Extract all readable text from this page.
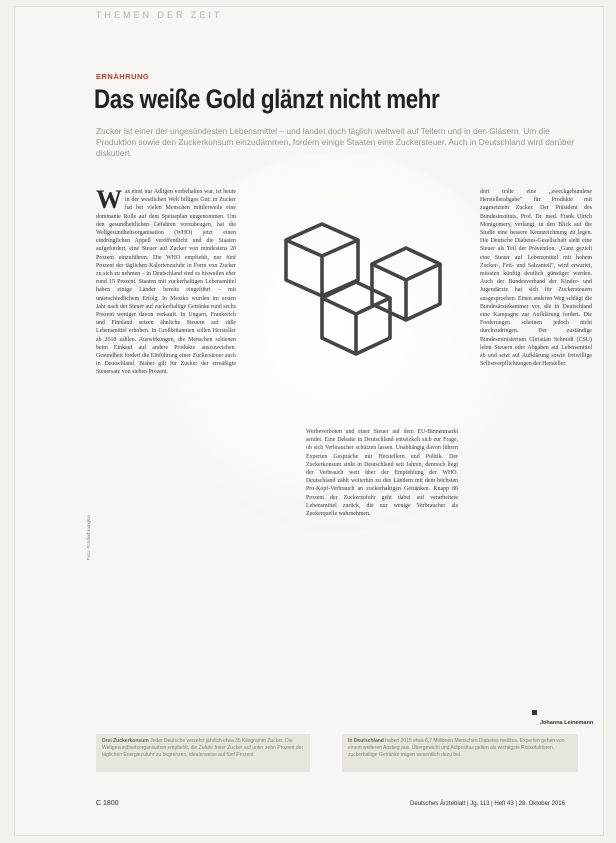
THEMEN DER ZEIT
ERNÄHRUNG
Das weiße Gold glänzt nicht mehr
Zucker ist einer der ungesündesten Lebensmittel – und landet doch täglich weltweit auf Tellern und in den Gläsern. Um die Produktion sowie den Zuckerkonsum einzudämmen, fordern einige Staaten eine Zuckersteuer. Auch in Deutschland wird darüber diskutiert.
Foto: Fotolia/bramgino
Was einst nur Adligen vorbehalten war, ist heute in der westlichen Welt billiges Gut: in Zucker hat bei vielen Menschen mittlerweile eine dominante Rolle auf dem Speiseplan eingenommen. Um den gesundheitlichen Gefahren vorzubeugen, hat die Weltgesundheitsorganisation (WHO) jetzt einen eindringlichen Appell veröffentlicht und die Staaten aufgefordert, eine Steuer auf Zucker von mindestens 20 Prozent einzuführen. Die WHO empfiehlt, nur fünf Prozent der täglichen Kalorienzufuhr in Form von Zucker zu sich zu nehmen – in Deutschland sind es bisweilen eher rund 15 Prozent. Staaten mit zuckerhaltigen Lebensmittel haben einige Länder bereits eingeführt – mit unterschiedlichem Erfolg. In Mexiko wurden im ersten Jahr nach der Steuer auf zuckerhaltige Getränke rund sechs Prozent weniger davon verkauft. In Ungarn, Frankreich und Finnland setzen ähnliche Steuern auf süße Lebensmittel erhoben. In Großbritannien sollen Hersteller ab 2018 zahlen. Auswirkungen, die Menschen schienen beim Einkauf auf andere Produkte auszuweichen. Gesundheit fordert die Einführung einer Zuckersteuer auch in Deutschland. Bisher gilt für Zucker der ermäßigte Steuersatz von sieben Prozent.
Werbeverboten und einer Steuer auf dem EU-Binnenmarkt sendet. Eine Debatte in Deutschland entwickelt sich zur Frage, ob sich Verbraucher schützen lassen. Unabhängig davon führen Experten Gespräche mit Herstellern und Politik. Der Zuckerkonsum sinkt in Deutschland seit Jahren, dennoch liegt der Verbrauch weit über der Empfehlung der WHO. Deutschland zählt weiterhin zu den Ländern mit dem höchsten Pro-Kopf-Verbrauch an zuckerhaltigen Getränken. Knapp 80 Prozent der Zuckerzufuhr geht dabei auf verarbeitete Lebensmittel zurück, die nur wenige Verbraucher als Zuckerquelle wahrnehmen.
dort teilte eine „zweckgebundene Herstellerabgabe" für Produkte mit zugesetztem Zucker. Der Präsident des Bundesinstituts, Prof. Dr. med. Frank Ulrich Montgomery, verlangt, in den Blick auf die Studie eine bessere Kennzeichnung zu legen. Die Deutsche Diabetes-Gesellschaft sieht eine Steuer als Teil der Prävention. „Ganz gezielt eine Steuer auf Lebensmittel mit hohem Zucker-, Fett- und Salzanteil", wird erwartet, müssten künftig deutlich günstiger werden. Auch der Bundesverband der Kinder- und Jugendärzte hat sich für Zuckersteuern ausgesprochen. Einen anderen Weg schlägt die Bundesärztekammer vor, die in Deutschland eine Kampagne zur Aufklärung fordert. Die Forderungen scheinen jedoch nicht durchzudringen. Der zuständige Bundesministerium Christian Schmidt (CSU) lehnt Steuern oder Abgaben auf Lebensmittel ab und setzt auf Aufklärung sowie freiwillige Selbstverpflichtungen der Hersteller.
Johanna Leinemann
Drei Zuckerkonsum Jeder Deutsche verzehrt jährlich etwa 35 Kilogramm Zucker. Die Weltgesundheitsorganisation empfiehlt, die Zufuhr freier Zucker auf unter zehn Prozent der täglichen Energiezufuhr zu begrenzen, idealerweise auf fünf Prozent.
In Deutschland haben 2015 etwa 6,7 Millionen Menschen Diabetes mellitus. Experten gehen von einem weiteren Anstieg aus. Übergewicht und Adipositas gelten als wichtigste Risikofaktoren, zuckerhaltige Getränke tragen wesentlich dazu bei.
C 1800	Deutsches Ärzteblatt | Jg. 113 | Heft 43 | 28. Oktober 2016
